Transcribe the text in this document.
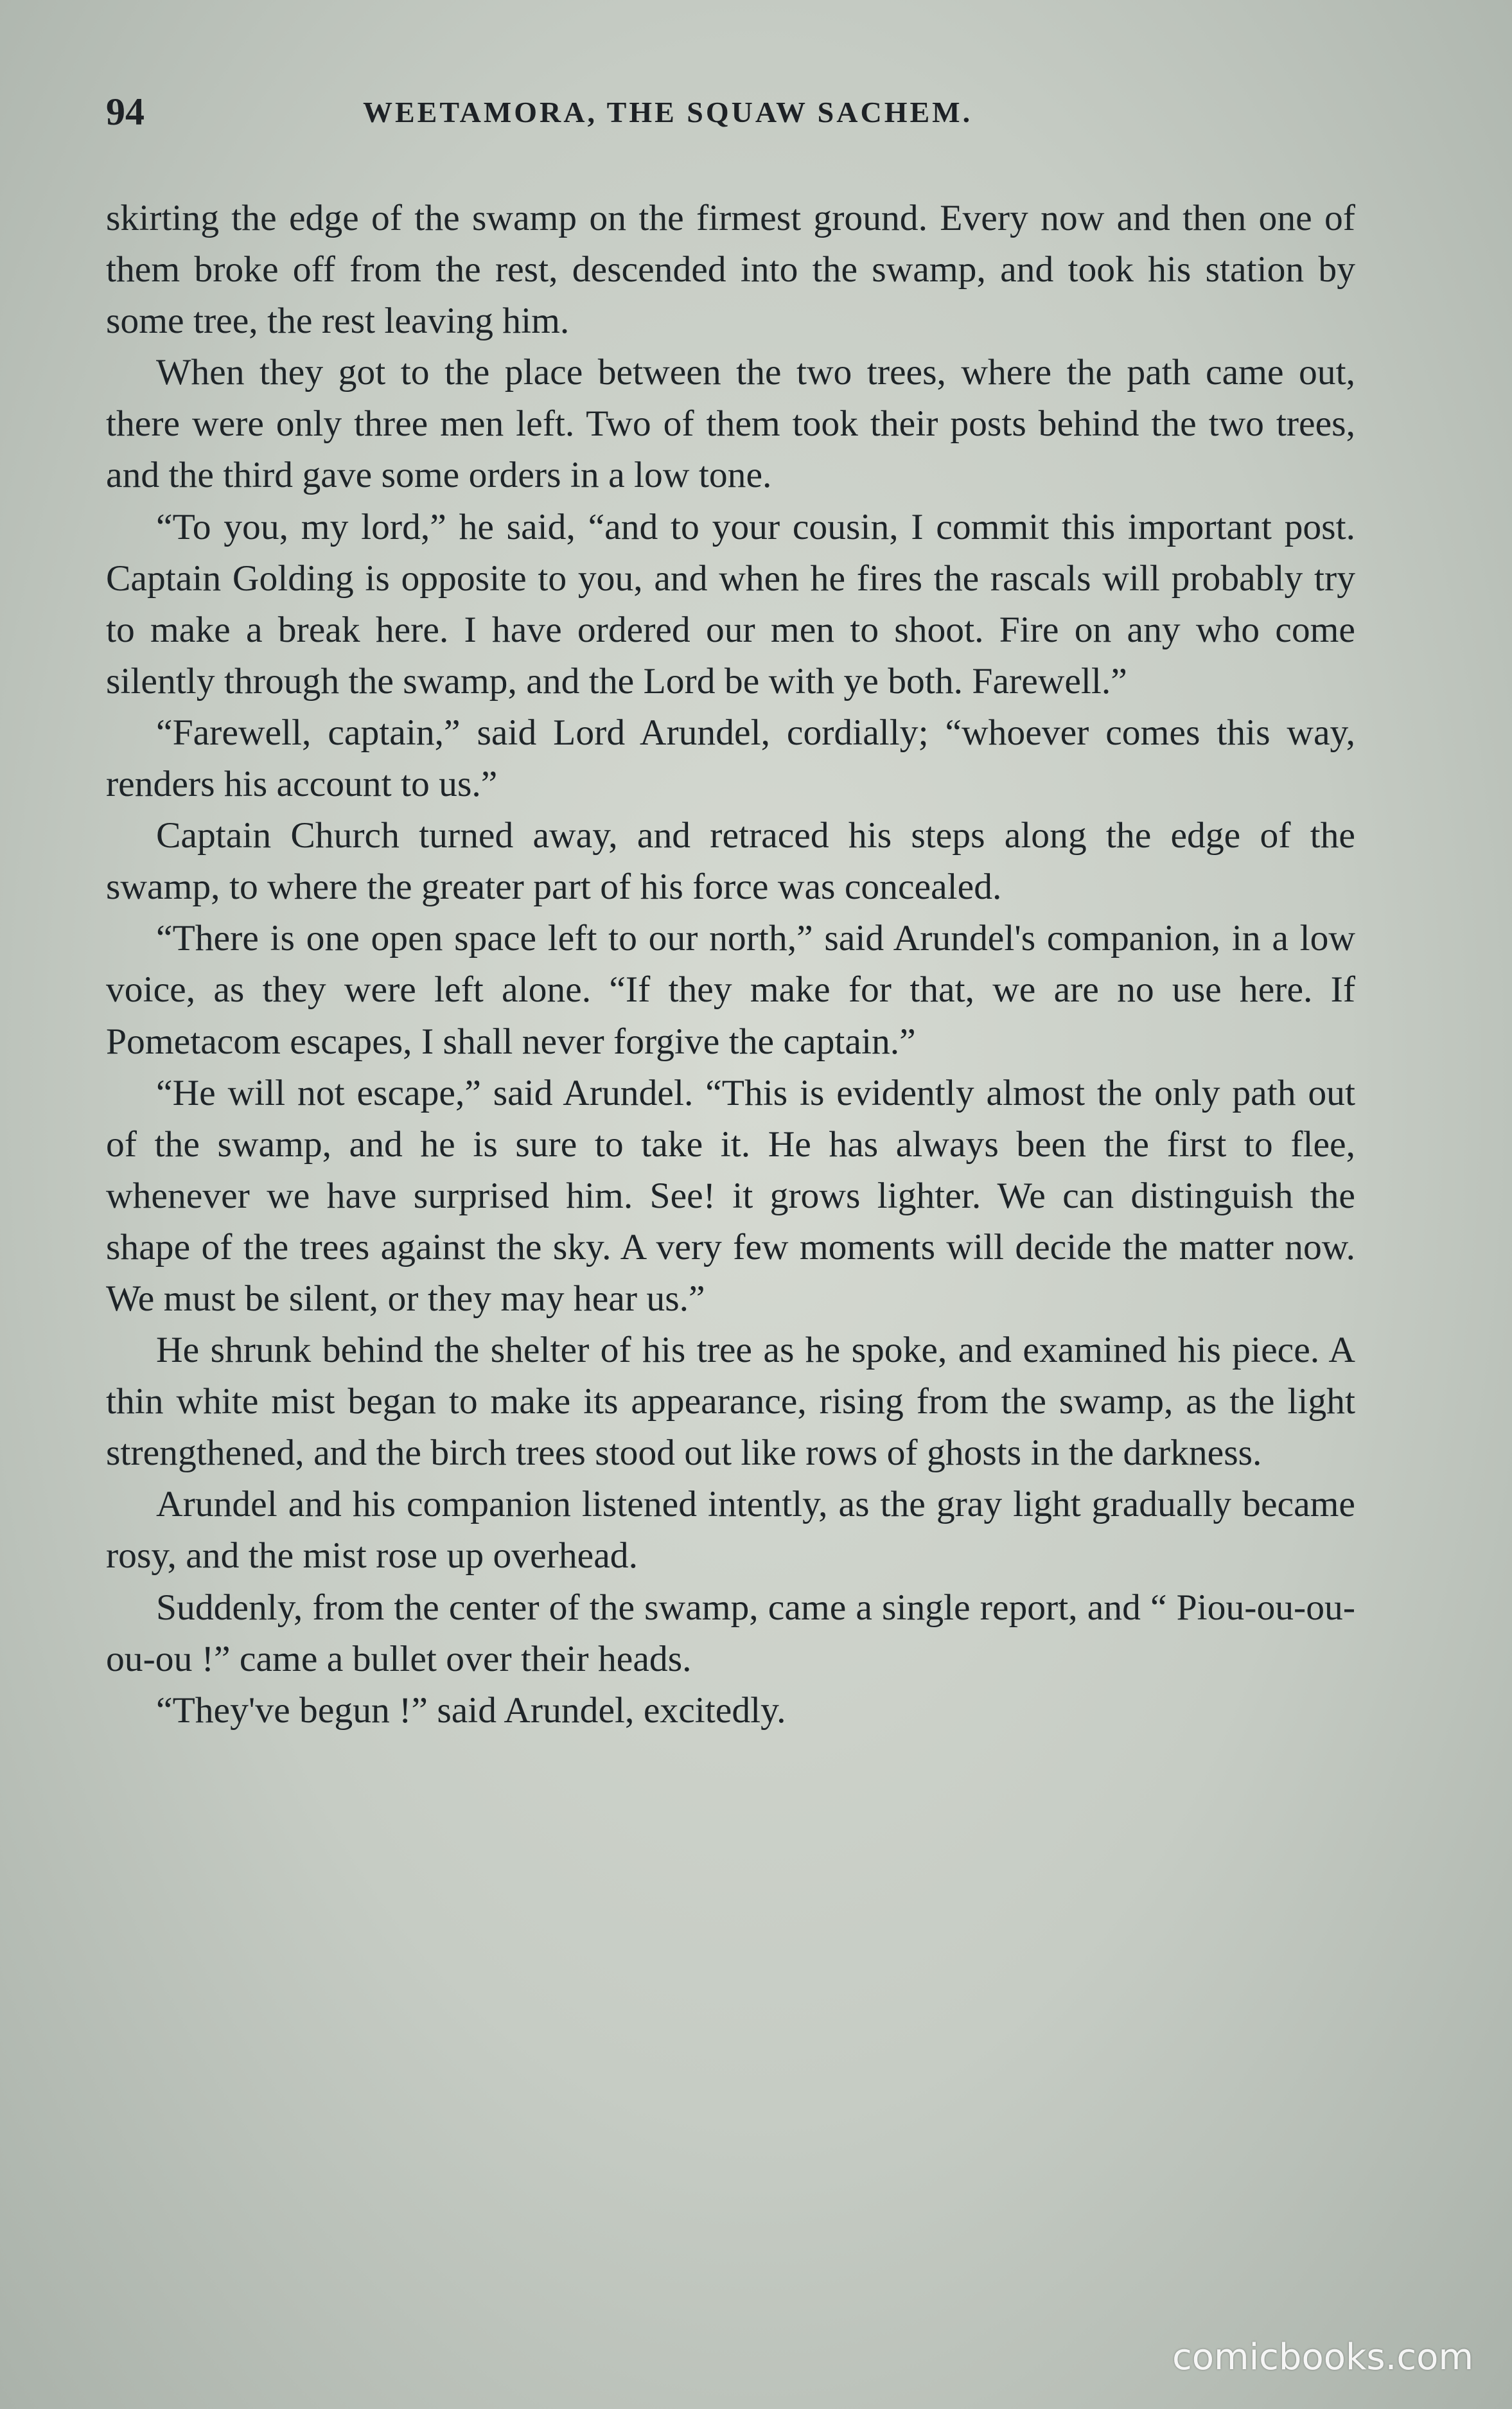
94	WEETAMORA, THE SQUAW SACHEM.

skirting the edge of the swamp on the firmest ground. Every now and then one of them broke off from the rest, descended into the swamp, and took his station by some tree, the rest leaving him.

When they got to the place between the two trees, where the path came out, there were only three men left. Two of them took their posts behind the two trees, and the third gave some orders in a low tone.

“To you, my lord,” he said, “and to your cousin, I commit this important post. Captain Golding is opposite to you, and when he fires the rascals will probably try to make a break here. I have ordered our men to shoot. Fire on any who come silently through the swamp, and the Lord be with ye both. Farewell.”

“Farewell, captain,” said Lord Arundel, cordially; “whoever comes this way, renders his account to us.”

Captain Church turned away, and retraced his steps along the edge of the swamp, to where the greater part of his force was concealed.

“There is one open space left to our north,” said Arundel's companion, in a low voice, as they were left alone. “If they make for that, we are no use here. If Pometacom escapes, I shall never forgive the captain.”

“He will not escape,” said Arundel. “This is evidently almost the only path out of the swamp, and he is sure to take it. He has always been the first to flee, whenever we have surprised him. See! it grows lighter. We can distinguish the shape of the trees against the sky. A very few moments will decide the matter now. We must be silent, or they may hear us.”

He shrunk behind the shelter of his tree as he spoke, and examined his piece. A thin white mist began to make its appearance, rising from the swamp, as the light strengthened, and the birch trees stood out like rows of ghosts in the darkness.

Arundel and his companion listened intently, as the gray light gradually became rosy, and the mist rose up overhead.

Suddenly, from the center of the swamp, came a single report, and “ Piou-ou-ou-ou-ou !” came a bullet over their heads.

“They've begun !” said Arundel, excitedly.

comicbooks.com
